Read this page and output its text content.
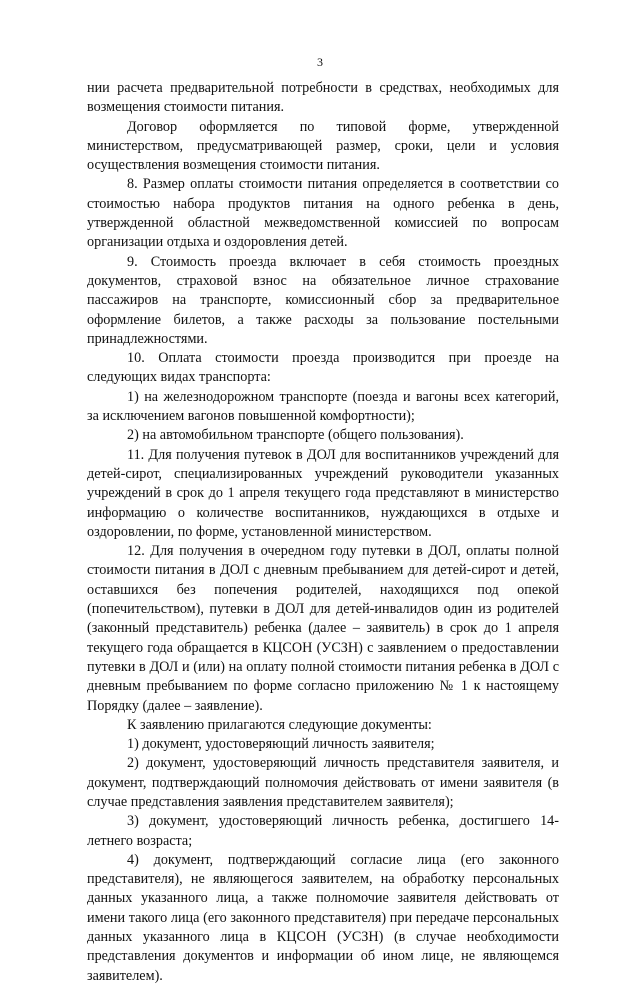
3

нии расчета предварительной потребности в средствах, необходимых для возмещения стоимости питания.

Договор оформляется по типовой форме, утвержденной министерством, предусматривающей размер, сроки, цели и условия осуществления возмещения стоимости питания.

8. Размер оплаты стоимости питания определяется в соответствии со стоимостью набора продуктов питания на одного ребенка в день, утвержденной областной межведомственной комиссией по вопросам организации отдыха и оздоровления детей.

9. Стоимость проезда включает в себя стоимость проездных документов, страховой взнос на обязательное личное страхование пассажиров на транспорте, комиссионный сбор за предварительное оформление билетов, а также расходы за пользование постельными принадлежностями.

10. Оплата стоимости проезда производится при проезде на следующих видах транспорта:

1) на железнодорожном транспорте (поезда и вагоны всех категорий, за исключением вагонов повышенной комфортности);

2) на автомобильном транспорте (общего пользования).

11. Для получения путевок в ДОЛ для воспитанников учреждений для детей-сирот, специализированных учреждений руководители указанных учреждений в срок до 1 апреля текущего года представляют в министерство информацию о количестве воспитанников, нуждающихся в отдыхе и оздоровлении, по форме, установленной министерством.

12. Для получения в очередном году путевки в ДОЛ, оплаты полной стоимости питания в ДОЛ с дневным пребыванием для детей-сирот и детей, оставшихся без попечения родителей, находящихся под опекой (попечительством), путевки в ДОЛ для детей-инвалидов один из родителей (законный представитель) ребенка (далее – заявитель) в срок до 1 апреля текущего года обращается в КЦСОН (УСЗН) с заявлением о предоставлении путевки в ДОЛ и (или) на оплату полной стоимости питания ребенка в ДОЛ с дневным пребыванием по форме согласно приложению № 1 к настоящему Порядку (далее – заявление).

К заявлению прилагаются следующие документы:

1) документ, удостоверяющий личность заявителя;

2) документ, удостоверяющий личность представителя заявителя, и документ, подтверждающий полномочия действовать от имени заявителя (в случае представления заявления представителем заявителя);

3) документ, удостоверяющий личность ребенка, достигшего 14-летнего возраста;

4) документ, подтверждающий согласие лица (его законного представителя), не являющегося заявителем, на обработку персональных данных указанного лица, а также полномочие заявителя действовать от имени такого лица (его законного представителя) при передаче персональных данных указанного лица в КЦСОН (УСЗН) (в случае необходимости представления документов и информации об ином лице, не являющемся заявителем).
